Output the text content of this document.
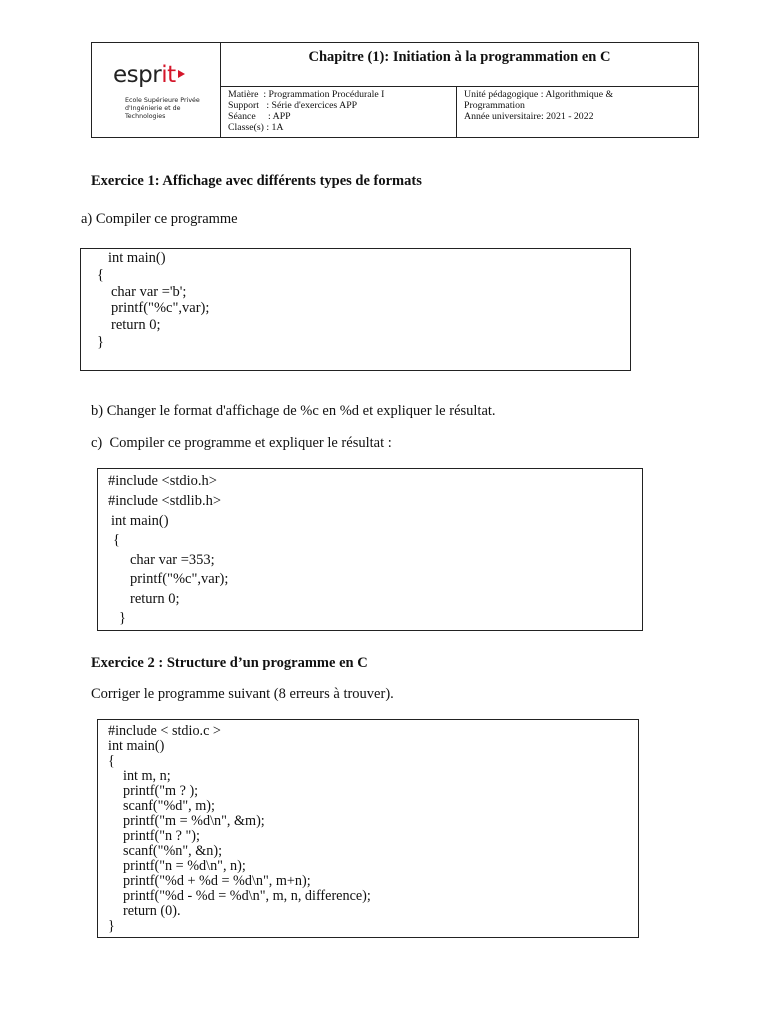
esprit
Ecole Supérieure Privée
d'Ingénierie et de
Technologies
Chapitre (1): Initiation à la programmation en C
Matière  : Programmation Procédurale I
Support   : Série d'exercices APP
Séance     : APP
Classe(s) : 1A
Unité pédagogique : Algorithmique &
Programmation
Année universitaire: 2021 - 2022
Exercice 1: Affichage avec différents types de formats
a) Compiler ce programme
int main()
{
char var ='b';
printf("%c",var);
return 0;
}
b) Changer le format d'affichage de %c en %d et expliquer le résultat.
c)  Compiler ce programme et expliquer le résultat :
#include <stdio.h>
#include <stdlib.h>
int main()
{
char var =353;
printf("%c",var);
return 0;
}
Exercice 2 : Structure d’un programme en C
Corriger le programme suivant (8 erreurs à trouver).
#include < stdio.c >
int main()
{
int m, n;
printf("m ? );
scanf("%d", m);
printf("m = %d\n", &m);
printf("n ? ");
scanf("%n", &n);
printf("n = %d\n", n);
printf("%d + %d = %d\n", m+n);
printf("%d - %d = %d\n", m, n, difference);
return (0).
}
